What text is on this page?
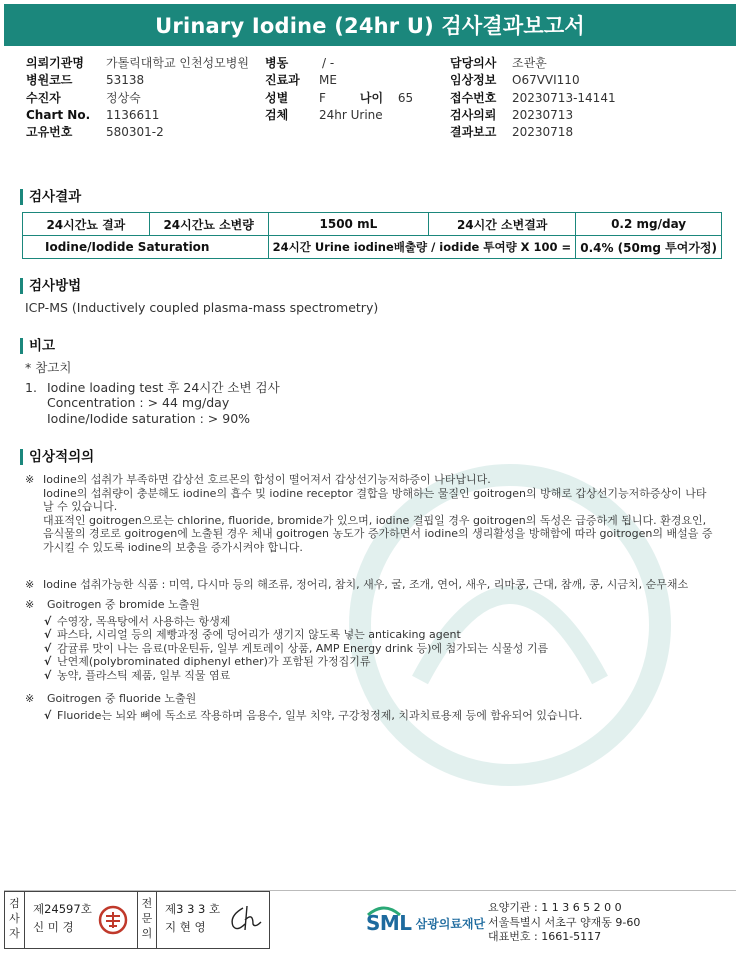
Urinary Iodine (24hr U) 검사결과보고서
의뢰기관명	가톨릭대학교 인천성모병원
병원코드	53138
수진자	정상숙
Chart No.	1136611
고유번호	580301-2
병동	/ -
진료과	ME
성별	F	나이	65
검체	24hr Urine
담당의사	조관훈
임상정보	O67VVI110
접수번호	20230713-14141
검사의뢰	20230713
결과보고	20230718
검사결과
24시간뇨 결과	24시간뇨 소변량	1500 mL	24시간 소변결과	0.2 mg/day
Iodine/Iodide Saturation		24시간 Urine iodine배출량 / iodide 투여량 X 100 =		0.4% (50mg 투여가정)
검사방법
ICP-MS (Inductively coupled plasma-mass spectrometry)
비고
* 참고치
1. Iodine loading test 후 24시간 소변 검사
Concentration : > 44 mg/day
Iodine/Iodide saturation : > 90%
임상적의의
※ Iodine의 섭취가 부족하면 갑상선 호르몬의 합성이 떨어져서 갑상선기능저하증이 나타납니다.
Iodine의 섭취량이 충분해도 iodine의 흡수 및 iodine receptor 결합을 방해하는 물질인 goitrogen의 방해로 갑상선기능저하증상이 나타날 수 있습니다.
대표적인 goitrogen으로는 chlorine, fluoride, bromide가 있으며, iodine 결핍일 경우 goitrogen의 독성은 급증하게 됩니다. 환경요인, 음식물의 경로로 goitrogen에 노출된 경우 체내 goitrogen 농도가 증가하면서 iodine의 생리활성을 방해함에 따라 goitrogen의 배설을 증가시킬 수 있도록 iodine의 보충을 증가시켜야 합니다.
※ Iodine 섭취가능한 식품 : 미역, 다시마 등의 해조류, 정어리, 참치, 새우, 굴, 조개, 연어, 새우, 리마콩, 근대, 참깨, 콩, 시금치, 순무채소
※ Goitrogen 중 bromide 노출원
√ 수영장, 목욕탕에서 사용하는 항생제
√ 파스타, 시리얼 등의 제빵과정 중에 덩어리가 생기지 않도록 넣는 anticaking agent
√ 감귤류 맛이 나는 음료(마운틴듀, 일부 게토레이 상품, AMP Energy drink 등)에 첨가되는 식물성 기름
√ 난연제(polybrominated diphenyl ether)가 포함된 가정집기류
√ 농약, 플라스틱 제품, 일부 직물 염료
※ Goitrogen 중 fluoride 노출원
√ Fluoride는 뇌와 뼈에 독소로 작용하며 음용수, 일부 치약, 구강청정제, 치과치료용제 등에 함유되어 있습니다.
검
사
자
제24597호
신 미 경
전
문
의
제3 3 3 호
지 현 영	SML 삼광의료재단
요양기관 : 1 1 3 6 5 2 0 0
서울특별시 서초구 양재동 9-60
대표번호 : 1661-5117
